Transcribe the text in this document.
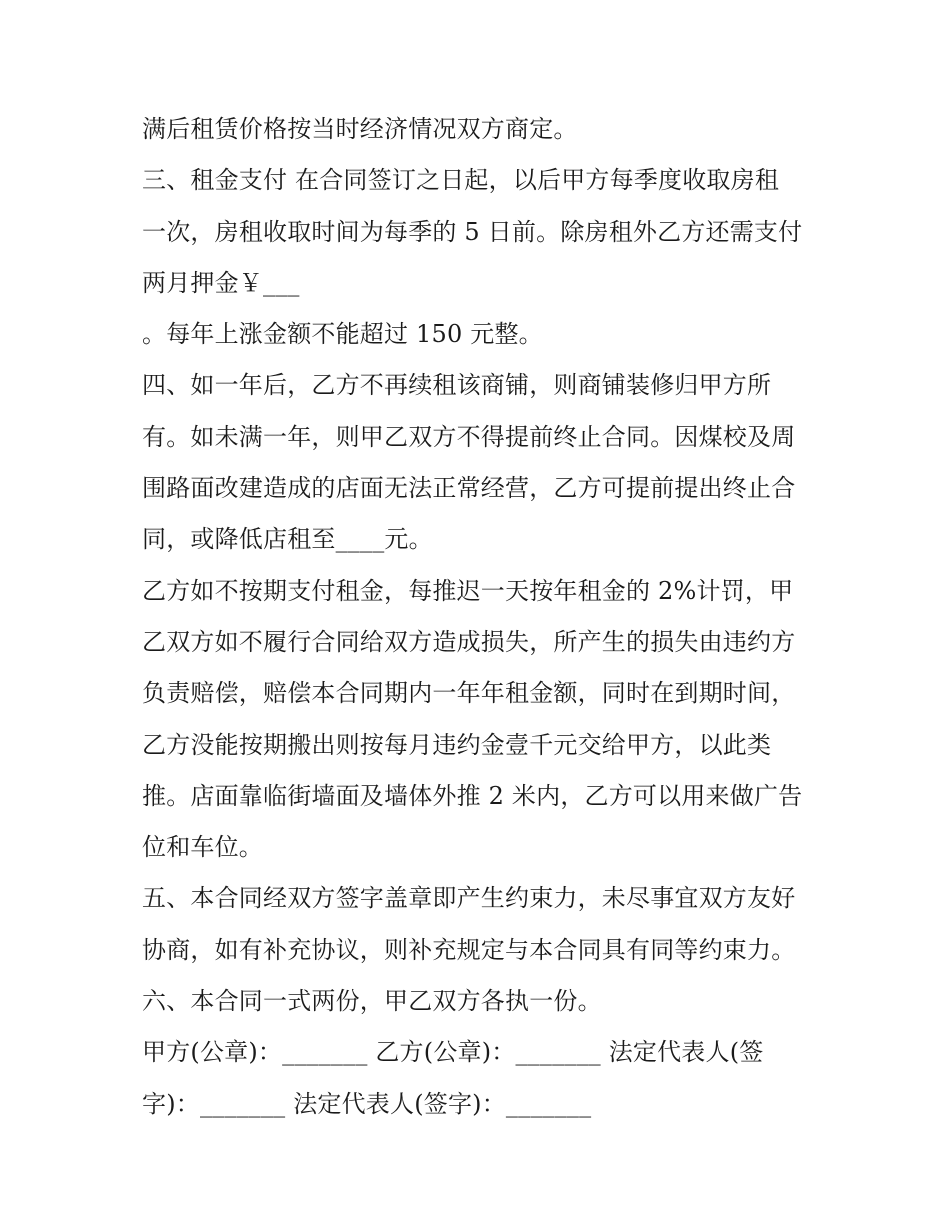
满后租赁价格按当时经济情况双方商定。
三、租金支付 在合同签订之日起，以后甲方每季度收取房租
一次，房租收取时间为每季的 5 日前。除房租外乙方还需支付
两月押金￥___
。每年上涨金额不能超过 150 元整。
四、如一年后，乙方不再续租该商铺，则商铺装修归甲方所
有。如未满一年，则甲乙双方不得提前终止合同。因煤校及周
围路面改建造成的店面无法正常经营，乙方可提前提出终止合
同，或降低店租至____元。
乙方如不按期支付租金，每推迟一天按年租金的 2%计罚，甲
乙双方如不履行合同给双方造成损失，所产生的损失由违约方
负责赔偿，赔偿本合同期内一年年租金额，同时在到期时间，
乙方没能按期搬出则按每月违约金壹千元交给甲方，以此类
推。店面靠临街墙面及墙体外推 2 米内，乙方可以用来做广告
位和车位。
五、本合同经双方签字盖章即产生约束力，未尽事宜双方友好
协商，如有补充协议，则补充规定与本合同具有同等约束力。
六、本合同一式两份，甲乙双方各执一份。
甲方(公章)：_______ 乙方(公章)：_______ 法定代表人(签
字)：_______ 法定代表人(签字)：_______
